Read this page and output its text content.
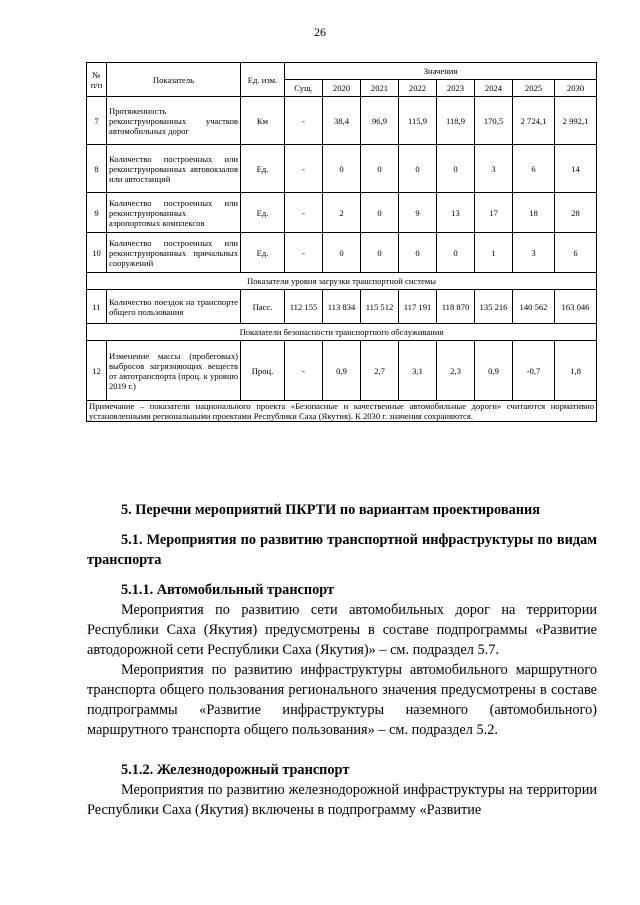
26
№ п/п	Показатель	Ед. изм.	Значения							
			Сущ.	2020	2021	2022	2023	2024	2025	2030
7	Протяженность реконструированных участков автомобильных дорог	Км	-	38,4	96,9	115,9	118,9	170,5	2 724,1	2 992,1
8	Количество построенных или реконструированных автовокзалов или автостанций	Ед.	-	0	0	0	0	3	6	14
9	Количество построенных или реконструированных аэропортовых комплексов	Ед.	-	2	0	9	13	17	18	28
10	Количество построенных или реконструированных причальных сооружений	Ед.	-	0	0	0	0	1	3	6
Показатели уровня загрузки транспортной системы										
11	Количество поездок на транспорте общего пользования	Пасс.	112 155	113 834	115 512	117 191	118 870	135 216	140 562	163 046
Показатели безопасности транспортного обслуживания										
12	Изменение массы (пробеговых) выбросов загрязняющих веществ от автотранспорта (проц. к уровню 2019 г.)	Проц.	-	0,9	2,7	3,1	2,3	0,9	-0,7	1,8
Примечание – показатели национального проекта «Безопасные и качественные автомобильные дороги» считаются нормативно установленными региональными проектами Республики Саха (Якутия). К 2030 г. значения сохраняются.										

5. Перечни мероприятий ПКРТИ по вариантам проектирования

5.1. Мероприятия по развитию транспортной инфраструктуры по видам транспорта

5.1.1. Автомобильный транспорт

Мероприятия по развитию сети автомобильных дорог на территории Республики Саха (Якутия) предусмотрены в составе подпрограммы «Развитие автодорожной сети Республики Саха (Якутия)» – см. подраздел 5.7.

Мероприятия по развитию инфраструктуры автомобильного маршрутного транспорта общего пользования регионального значения предусмотрены в составе подпрограммы «Развитие инфраструктуры наземного (автомобильного) маршрутного транспорта общего пользования» – см. подраздел 5.2.

5.1.2. Железнодорожный транспорт

Мероприятия по развитию железнодорожной инфраструктуры на территории Республики Саха (Якутия) включены в подпрограмму «Развитие
